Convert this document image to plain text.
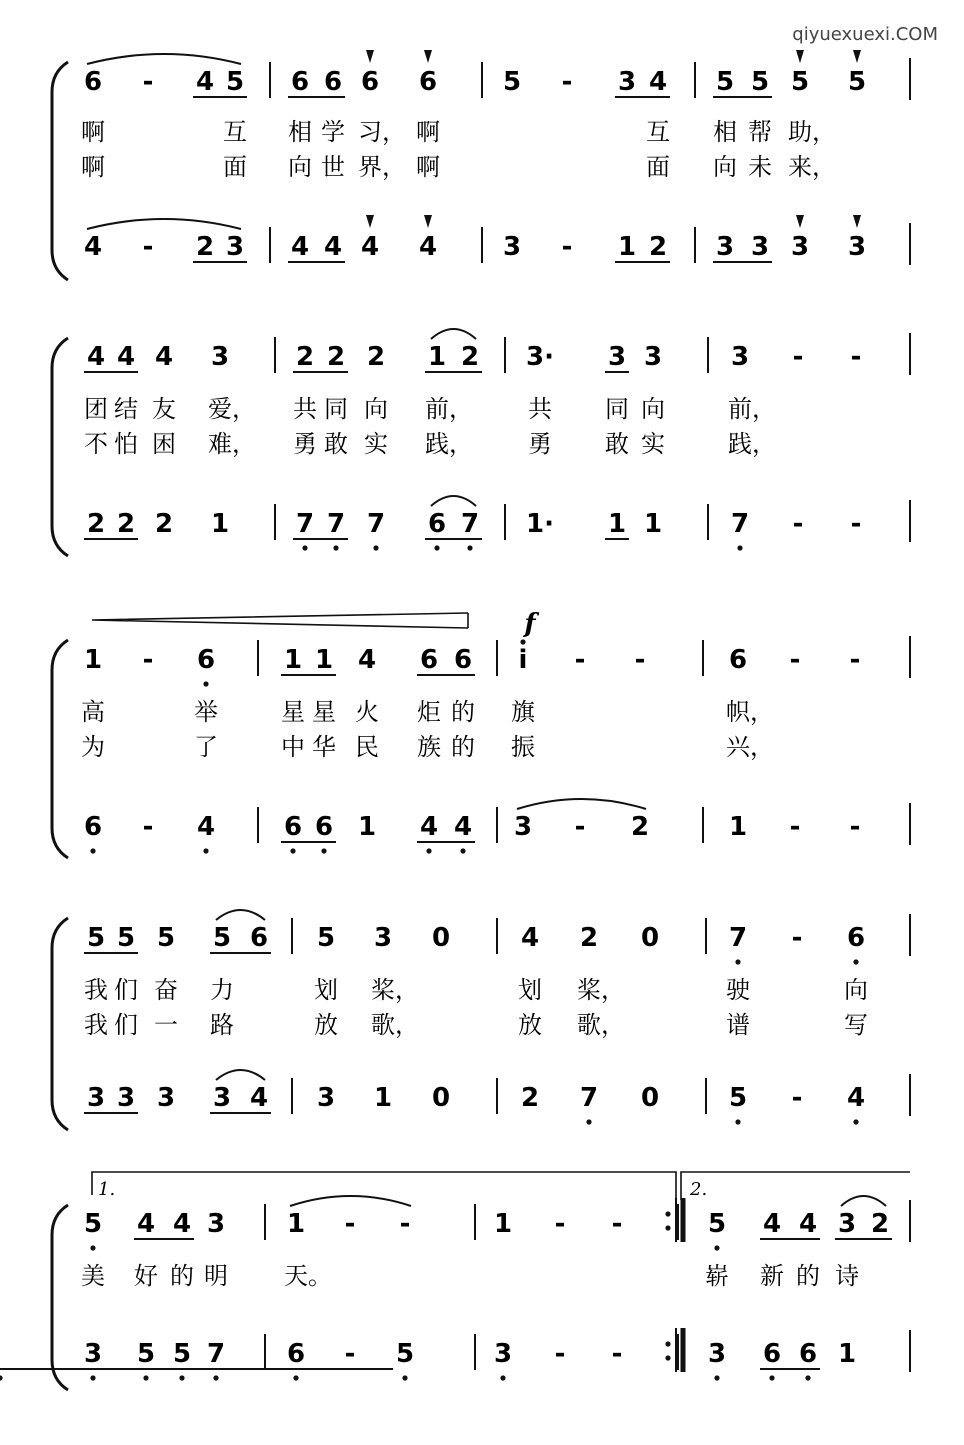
qiyuexuexi.COM
6 - 4 5 6 6 6 6	5 - 3 4 5 5 5 5
4 - 2 3 4 4 4 4	3 - 1 2 3 3 3 3
啊	互 相 学 习， 啊	互 相 帮 助，
啊	面 向 世 界， 啊	面 向 未 来，
4 4 4 3	2 2 2 1 2 3· 3 3	3 - -
2 2 2 1	7 7 7 6 7 1· 1 1	7 - -
团 结 友 爱， 共 同 向 前， 共 同 向	前，
不 怕 困 难， 勇 敢 实 践， 勇 敢 实	践，
1 - 6	1 1 4 6 6 i - -	6 - -
6 - 4	6 6 1 4 4 3 - 2	1 - -
高	举	星 星 火 炬 的 旗	帜，
为	了	中 华 民 族 的 振	兴，
5 5 5 5 6 5 3 0	4 2 0	7 - 6
3 3 3 3 4 3 1 0	2 7 0	5 - 4
我 们 奋 力	划 桨，	划 桨，	驶	向
我 们 一 路	放 歌，	放 歌，	谱	写
5 4 4 3 1 - -	1 - -	5 4 4 3 2
3 5 5 7 6 - 5	3 - -	3 6 6 1
美 好 的 明 天。	崭 新 的 诗
f
1.	2.
